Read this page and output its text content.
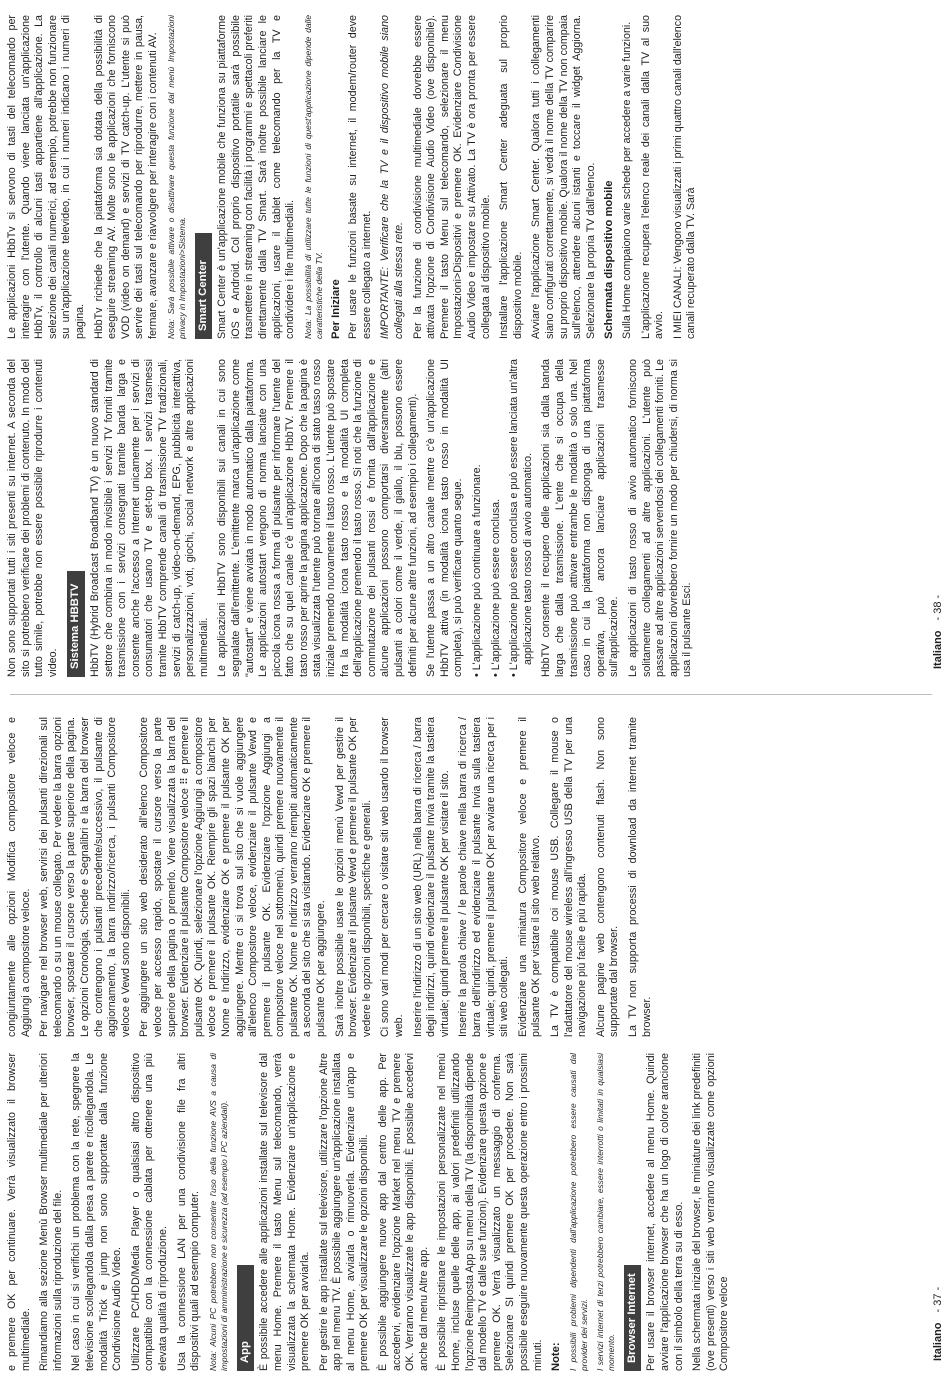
e premere OK per continuare. Verrà visualizzato il browser multimediale. Rimandiamo alla sezione Menù Browser multimediale per ulteriori informazioni sulla riproduzione del file. Nel caso in cui si verifichi un problema con la rete, spegnere la televisione scollegandola dalla presa a parete e ricollegandola. Le modalità Trick e jump non sono supportate dalla funzione Condivisione Audio Video. Utilizzare PC/HDD/Media Player o qualsiasi altro dispositivo compatibile con la connessione cablata per ottenere una più elevata qualità di riproduzione. Usa la connessione LAN per una condivisione file fra altri dispositivi quali ad esempio computer. Nota: Alcuni PC potrebbero non consentire l'uso della funzione AVS a causa di impostazioni di amministrazione e sicurezza (ad esempio i PC aziendali). App È possibile accedere alle applicazioni installate sul televisore dal menu Home. Premere il tasto Menu sul telecomando, verrà visualizzata la schermata Home. Evidenziare un'applicazione e premere OK per avviarla. Per gestire le app installate sul televisore, utilizzare l'opzione Altre app nel menu TV. È possibile aggiungere un'applicazione installata al menu Home, avviarla o rimuoverla. Evidenziare un'app e premere OK per visualizzare le opzioni disponibili. È possibile aggiungere nuove app dal centro delle app. Per accedervi, evidenziare l'opzione Market nel menu TV e premere OK. Verranno visualizzate le app disponibili. È possibile accedervi anche dal menu Altre app. È possibile ripristinare le impostazioni personalizzate nel menù Home, incluse quelle delle app, ai valori predefiniti utilizzando l'opzione Reimposta App su menu della TV (la disponibilità dipende dal modello TV e dalle sue funzioni). Evidenziare questa opzione e premere OK. Verrà visualizzato un messaggio di conferma. Selezionare SI quindi premere OK per procedere. Non sarà possibile eseguire nuovamente questa operazione entro i prossimi minuti. Note: I possibili problemi dipendenti dall'applicazione potrebbero essere causati dal provider dei servizi. I servizi internet di terzi potrebbero cambiare, essere interrotti o limitati in qualsiasi momento. Browser Internet Per usare il browser internet, accedere al menu Home. Quindi avviare l'applicazione browser che ha un logo di colore arancione con il simbolo della terra su di esso. Nella schermata iniziale del browser, le miniature dei link predefiniti (ove presenti) verso i siti web verranno visualizzate come opzioni Compositore veloce

congiuntamente alle opzioni Modifica compositore veloce e Aggiungi a compositore veloce. Per navigare nel browser web, servirsi dei pulsanti direzionali sul telecomando o su un mouse collegato. Per vedere la barra opzioni browser, spostare il cursore verso la parte superiore della pagina. Le opzioni Cronologia, Schede e Segnalibri e la barra del browser che contengono i pulsanti precedente/successivo, il pulsante di aggiornamento, la barra indirizzo/ricerca, i pulsanti Compositore veloce e Vewd sono disponibili. Per aggiungere un sito web desiderato all'elenco Compositore veloce per accesso rapido, spostare il cursore verso la parte superiore della pagina o premerlo. Viene visualizzata la barra del browser. Evidenziare il pulsante Compositore veloce ⠿ e premere il pulsante OK. Quindi, selezionare l'opzione Aggiungi a compositore veloce e premere il pulsante OK. Riempire gli spazi bianchi per Nome e Indirizzo, evidenziare OK e premere il pulsante OK per aggiungere. Mentre ci si trova sul sito che si vuole aggiungere all'elenco Compositore veloce, evidenziare il pulsante Vewd e premere il pulsante OK. Evidenziare l'opzione Aggiungi a compositore veloce nel sottomenù, quindi premere nuovamente il pulsante OK. Nome e Indirizzo verranno riempiti automaticamente a seconda del sito che si sta visitando. Evidenziare OK e premere il pulsante OK per aggiungere. Sarà inoltre possibile usare le opzioni menù Vewd per gestire il browser. Evidenziare il pulsante Vewd e premere il pulsante OK per vedere le opzioni disponibili, specifiche e generali. Ci sono vari modi per cercare o visitare siti web usando il browser web. Inserire l'indirizzo di un sito web (URL) nella barra di ricerca / barra degli indirizzi, quindi evidenziare il pulsante Invia tramite la tastiera virtuale; quindi premere il pulsante OK per visitare il sito. Inserire la parola chiave / le parole chiave nella barra di ricerca / barra dell'indirizzo ed evidenziare il pulsante Invia sulla tastiera virtuale; quindi, premere il pulsante OK per avviare una ricerca per i siti web collegati. Evidenziare una miniatura Compositore veloce e premere il pulsante OK per vistare il sito web relativo. La TV è compatibile coi mouse USB. Collegare il mouse o l'adattatore del mouse wireless all'ingresso USB della TV per una navigazione più facile e più rapida. Alcune pagine web contengono contenuti flash. Non sono supportate dal browser. La TV non supporta processi di download da internet tramite browser.

Italiano- 37 -

Non sono supportati tutti i siti presenti su internet. A seconda del sito si potrebbero verificare dei problemi di contenuto. In modo del tutto simile, potrebbe non essere possibile riprodurre i contenuti video. Sistema HBBTV HbbTV (Hybrid Broadcast Broadband TV) è un nuovo standard di settore che combina in modo invisibile i servizi TV forniti tramite trasmissione con i servizi consegnati tramite banda larga e consente anche l'accesso a Internet unicamente per i servizi di consumatori che usano TV e set-top box. I servizi trasmessi tramite HbbTV comprende canali di trasmissione TV tradizionali, servizi di catch-up, video-on-demand, EPG, pubblicità interattiva, personalizzazioni, voti, giochi, social network e altre applicazioni multimediali. Le applicazioni HbbTV sono disponibili sui canali in cui sono segnalate dall'emittente. L'emittente marca un'applicazione come "autostart" e viene avviata in modo automatico dalla piattaforma. Le applicazioni autostart vengono di norma lanciate con una piccola icona rossa a forma di pulsante per informare l'utente del fatto che su quel canale c'è un'applicazione HbbTV. Premere il tasto rosso per aprire la pagina applicazione. Dopo che la pagina è stata visualizzata l'utente può tornare all'icona di stato tasso rosso iniziale premendo nuovamente il tasto rosso. L'utente può spostare fra la modalità icona tasto rosso e la modalità UI completa dell'applicazione premendo il tasto rosso. Si noti che la funzione di commutazione dei pulsanti rossi è fornita dall'applicazione e alcune applicazioni possono comportarsi diversamente (altri pulsanti a colori come il verde, il giallo, il blu, possono essere definiti per alcune altre funzioni, ad esempio i collegamenti). Se l'utente passa a un altro canale mentre c'è un'applicazione HbbTV attiva (in modalità icona tasto rosso in modalità UI completa), si può verificare quanto segue. • L'applicazione può continuare a funzionare. • L'applicazione può essere conclusa. • L'applicazione può essere conclusa e può essere lanciata un'altra applicazione tasto rosso di avvio automatico. HbbTV consente il recupero delle applicazioni sia dalla banda larga che dalla trasmissione. L'ente che si occupa della trasmissione può attivare entrambe le modalità o solo una. Nel caso in cui la piattaforma non disponga di una piattaforma operativa, può ancora lanciare applicazioni trasmesse sull'applicazione. Le applicazioni di tasto rosso di avvio automatico forniscono solitamente collegamenti ad altre applicazioni. L'utente può passare ad altre applicazioni servendosi dei collegamenti forniti. Le applicazioni dovrebbero fornire un modo per chiudersi, di norma si usa il pulsante Esci.

Le applicazioni HbbTv si servono di tasti del telecomando per interagire con l'utente. Quando viene lanciata un'applicazione HbbTv, il controllo di alcuni tasti appartiene all'applicazione. La selezione dei canali numerici, ad esempio, potrebbe non funzionare su un'applicazione televideo, in cui i numeri indicano i numeri di pagina. HbbTv richiede che la piattaforma sia dotata della possibilità di eseguire streaming AV. Molte sono le applicazioni che forniscono VOD (video on demand) e servizi di TV catch-up. L'utente si può servire dei tasti sul telecomando per riprodurre, mettere in pausa, fermare, avanzare e riavvolgere per interagire con i contenuti AV. Nota: Sarà possibile attivare o disattivare questa funzione dal menù Impostazioni privacy in Impostazioni>Sistema. Smart Center Smart Center è un'applicazione mobile che funziona su piattaforme iOS e Android. Col proprio dispositivo portatile sarà possibile trasmettere in streaming con facilità i programmi e spettacoli preferiti direttamente dalla TV Smart. Sarà inoltre possibile lanciare le applicazioni, usare il tablet come telecomando per la TV e condividere i file multimediali. Nota: La possibilità di utilizzare tutte le funzioni di quest'applicazione dipende dalle caratteristiche della TV. Per Iniziare Per usare le funzioni basate su internet, il modem/router deve essere collegato a internet. IMPORTANTE: Verificare che la TV e il dispositivo mobile siano collegati alla stessa rete. Per la funzione di condivisione multimediale dovrebbe essere attivata l'opzione di Condivisione Audio Video (ove disponibile). Premere il tasto Menu sul telecomando, selezionare il menu Impostazioni>Dispositivi e premere OK. Evidenziare Condivisione Audio Video e impostare su Attivato. La TV è ora pronta per essere collegata al dispositivo mobile. Installare l'applicazione Smart Center adeguata sul proprio dispositivo mobile. Avviare l'applicazione Smart Center. Qualora tutti i collegamenti siano configurati correttamente, si vedrà il nome della TV comparire su proprio dispositivo mobile. Qualora il nome della TV non compaia sull'elenco, attendere alcuni istanti e toccare il widget Aggiorna. Selezionare la propria TV dall'elenco. Schermata dispositivo mobile Sulla Home compaiono varie schede per accedere a varie funzioni. L'applicazione recupera l'elenco reale dei canali dalla TV al suo avvio. I MIEI CANALI: Vengono visualizzati i primi quattro canali dall'elenco canali recuperato dalla TV. Sarà

Italiano- 38 -
